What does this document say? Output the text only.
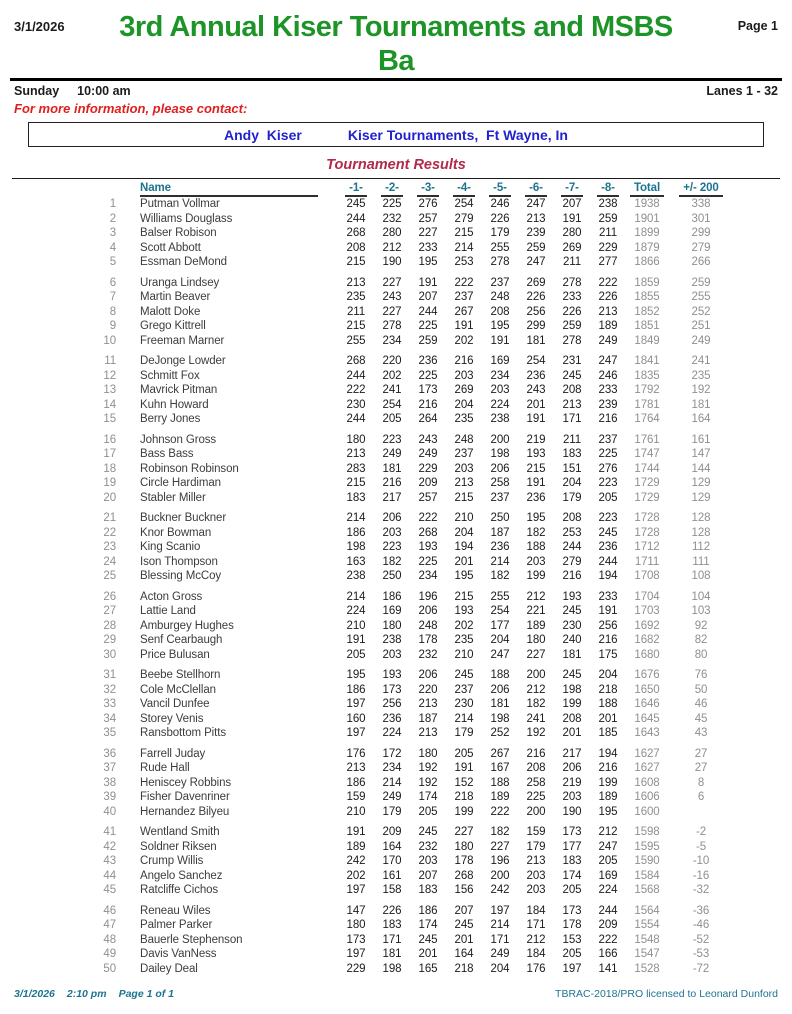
3/1/2026	3rd Annual Kiser Tournaments and MSBS Ba
Page 1
Sunday 10:00 am	Lanes 1 - 32
For more information, please contact:
Andy  Kiser	Kiser Tournaments,  Ft Wayne, In
Tournament Results

	Name	-1-	-2-	-3-	-4-	-5-	-6-	-7-	-8-	Total	+/- 200
1	Putman Vollmar	245	225	276	254	246	247	207	238	1938	338
2	Williams Douglass	244	232	257	279	226	213	191	259	1901	301
3	Balser Robison	268	280	227	215	179	239	280	211	1899	299
4	Scott Abbott	208	212	233	214	255	259	269	229	1879	279
5	Essman DeMond	215	190	195	253	278	247	211	277	1866	266
6	Uranga Lindsey	213	227	191	222	237	269	278	222	1859	259
7	Martin Beaver	235	243	207	237	248	226	233	226	1855	255
8	Malott Doke	211	227	244	267	208	256	226	213	1852	252
9	Grego Kittrell	215	278	225	191	195	299	259	189	1851	251
10	Freeman Marner	255	234	259	202	191	181	278	249	1849	249
11	DeJonge Lowder	268	220	236	216	169	254	231	247	1841	241
12	Schmitt Fox	244	202	225	203	234	236	245	246	1835	235
13	Mavrick Pitman	222	241	173	269	203	243	208	233	1792	192
14	Kuhn Howard	230	254	216	204	224	201	213	239	1781	181
15	Berry Jones	244	205	264	235	238	191	171	216	1764	164
16	Johnson Gross	180	223	243	248	200	219	211	237	1761	161
17	Bass Bass	213	249	249	237	198	193	183	225	1747	147
18	Robinson Robinson	283	181	229	203	206	215	151	276	1744	144
19	Circle Hardiman	215	216	209	213	258	191	204	223	1729	129
20	Stabler Miller	183	217	257	215	237	236	179	205	1729	129
21	Buckner Buckner	214	206	222	210	250	195	208	223	1728	128
22	Knor Bowman	186	203	268	204	187	182	253	245	1728	128
23	King Scanio	198	223	193	194	236	188	244	236	1712	112
24	Ison Thompson	163	182	225	201	214	203	279	244	1711	111
25	Blessing McCoy	238	250	234	195	182	199	216	194	1708	108
26	Acton Gross	214	186	196	215	255	212	193	233	1704	104
27	Lattie Land	224	169	206	193	254	221	245	191	1703	103
28	Amburgey Hughes	210	180	248	202	177	189	230	256	1692	92
29	Senf Cearbaugh	191	238	178	235	204	180	240	216	1682	82
30	Price Bulusan	205	203	232	210	247	227	181	175	1680	80
31	Beebe Stellhorn	195	193	206	245	188	200	245	204	1676	76
32	Cole McClellan	186	173	220	237	206	212	198	218	1650	50
33	Vancil Dunfee	197	256	213	230	181	182	199	188	1646	46
34	Storey Venis	160	236	187	214	198	241	208	201	1645	45
35	Ransbottom Pitts	197	224	213	179	252	192	201	185	1643	43
36	Farrell Juday	176	172	180	205	267	216	217	194	1627	27
37	Rude Hall	213	234	192	191	167	208	206	216	1627	27
38	Heniscey Robbins	186	214	192	152	188	258	219	199	1608	8
39	Fisher Davenriner	159	249	174	218	189	225	203	189	1606	6
40	Hernandez Bilyeu	210	179	205	199	222	200	190	195	1600	
41	Wentland Smith	191	209	245	227	182	159	173	212	1598	-2
42	Soldner Riksen	189	164	232	180	227	179	177	247	1595	-5
43	Crump Willis	242	170	203	178	196	213	183	205	1590	-10
44	Angelo Sanchez	202	161	207	268	200	203	174	169	1584	-16
45	Ratcliffe Cichos	197	158	183	156	242	203	205	224	1568	-32
46	Reneau Wiles	147	226	186	207	197	184	173	244	1564	-36
47	Palmer Parker	180	183	174	245	214	171	178	209	1554	-46
48	Bauerle Stephenson	173	171	245	201	171	212	153	222	1548	-52
49	Davis VanNess	197	181	201	164	249	184	205	166	1547	-53
50	Dailey Deal	229	198	165	218	204	176	197	141	1528	-72
3/1/2026 2:10 pm Page 1 of 1	TBRAC-2018/PRO licensed to Leonard Dunford
